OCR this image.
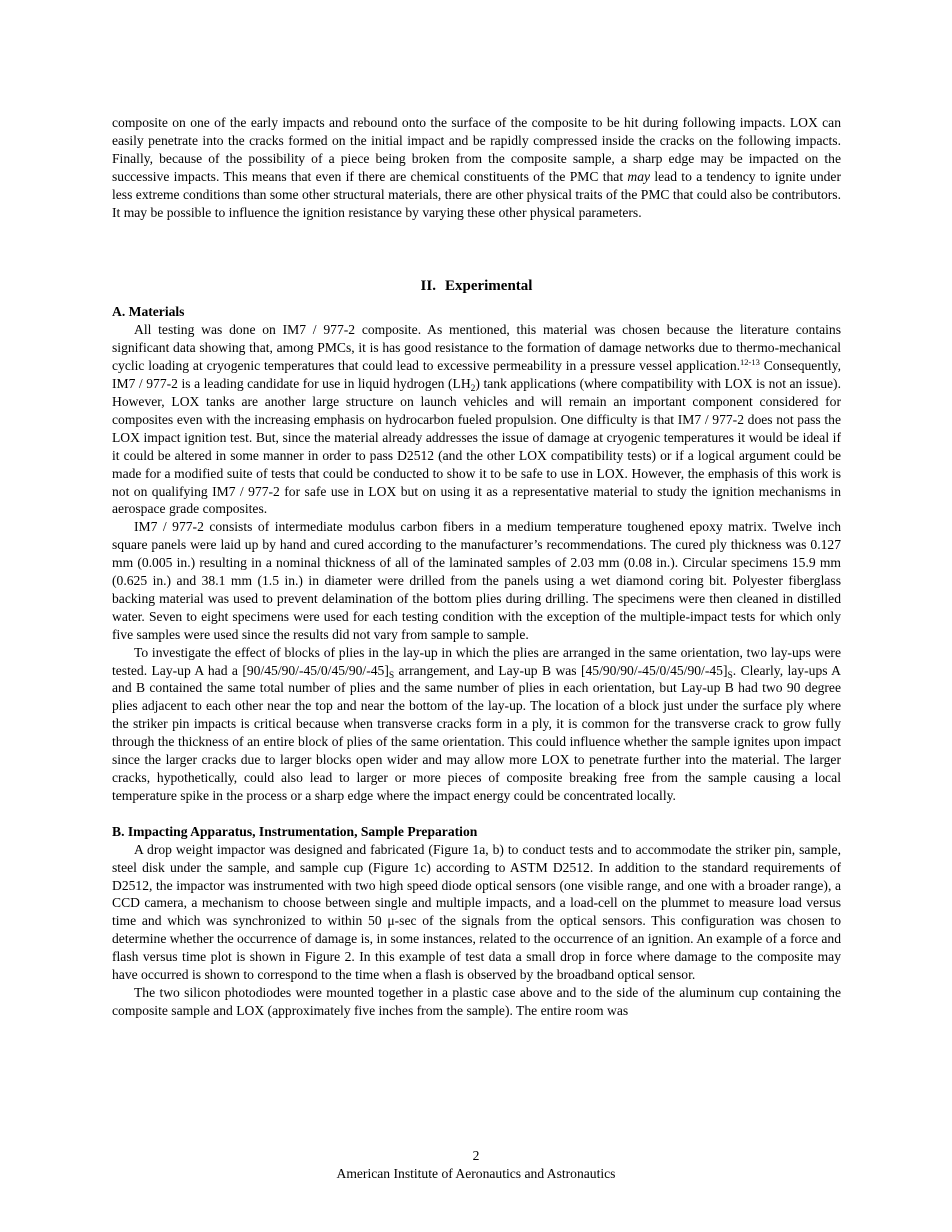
composite on one of the early impacts and rebound onto the surface of the composite to be hit during following impacts. LOX can easily penetrate into the cracks formed on the initial impact and be rapidly compressed inside the cracks on the following impacts. Finally, because of the possibility of a piece being broken from the composite sample, a sharp edge may be impacted on the successive impacts. This means that even if there are chemical constituents of the PMC that may lead to a tendency to ignite under less extreme conditions than some other structural materials, there are other physical traits of the PMC that could also be contributors. It may be possible to influence the ignition resistance by varying these other physical parameters.

II. Experimental
A. Materials

All testing was done on IM7 / 977-2 composite. As mentioned, this material was chosen because the literature contains significant data showing that, among PMCs, it is has good resistance to the formation of damage networks due to thermo-mechanical cyclic loading at cryogenic temperatures that could lead to excessive permeability in a pressure vessel application.$^{12-13}$ Consequently, IM7 / 977-2 is a leading candidate for use in liquid hydrogen $(LH_2)$ tank applications (where compatibility with LOX is not an issue). However, LOX tanks are another large structure on launch vehicles and will remain an important component considered for composites even with the increasing emphasis on hydrocarbon fueled propulsion. One difficulty is that IM7 / 977-2 does not pass the LOX impact ignition test. But, since the material already addresses the issue of damage at cryogenic temperatures it would be ideal if it could be altered in some manner in order to pass D2512 (and the other LOX compatibility tests) or if a logical argument could be made for a modified suite of tests that could be conducted to show it to be safe to use in LOX. However, the emphasis of this work is not on qualifying IM7 / 977-2 for safe use in LOX but on using it as a representative material to study the ignition mechanisms in aerospace grade composites.

IM7 / 977-2 consists of intermediate modulus carbon fibers in a medium temperature toughened epoxy matrix. Twelve inch square panels were laid up by hand and cured according to the manufacturer’s recommendations. The cured ply thickness was 0.127 mm (0.005 in.) resulting in a nominal thickness of all of the laminated samples of 2.03 mm (0.08 in.). Circular specimens 15.9 mm (0.625 in.) and 38.1 mm (1.5 in.) in diameter were drilled from the panels using a wet diamond coring bit. Polyester fiberglass backing material was used to prevent delamination of the bottom plies during drilling. The specimens were then cleaned in distilled water. Seven to eight specimens were used for each testing condition with the exception of the multiple-impact tests for which only five samples were used since the results did not vary from sample to sample.

To investigate the effect of blocks of plies in the lay-up in which the plies are arranged in the same orientation, two lay-ups were tested. Lay-up A had a $[90/45/90/-45/0/45/90/-45]_S$ arrangement, and Lay-up B was $[45/90/90/-45/0/45/90/-45]_S$. Clearly, lay-ups A and B contained the same total number of plies and the same number of plies in each orientation, but Lay-up B had two 90 degree plies adjacent to each other near the top and near the bottom of the lay-up. The location of a block just under the surface ply where the striker pin impacts is critical because when transverse cracks form in a ply, it is common for the transverse crack to grow fully through the thickness of an entire block of plies of the same orientation. This could influence whether the sample ignites upon impact since the larger cracks due to larger blocks open wider and may allow more LOX to penetrate further into the material. The larger cracks, hypothetically, could also lead to larger or more pieces of composite breaking free from the sample causing a local temperature spike in the process or a sharp edge where the impact energy could be concentrated locally.

B. Impacting Apparatus, Instrumentation, Sample Preparation

A drop weight impactor was designed and fabricated (Figure 1a, b) to conduct tests and to accommodate the striker pin, sample, steel disk under the sample, and sample cup (Figure 1c) according to ASTM D2512. In addition to the standard requirements of D2512, the impactor was instrumented with two high speed diode optical sensors (one visible range, and one with a broader range), a CCD camera, a mechanism to choose between single and multiple impacts, and a load-cell on the plummet to measure load versus time and which was synchronized to within 50 μ-sec of the signals from the optical sensors. This configuration was chosen to determine whether the occurrence of damage is, in some instances, related to the occurrence of an ignition. An example of a force and flash versus time plot is shown in Figure 2. In this example of test data a small drop in force where damage to the composite may have occurred is shown to correspond to the time when a flash is observed by the broadband optical sensor.

The two silicon photodiodes were mounted together in a plastic case above and to the side of the aluminum cup containing the composite sample and LOX (approximately five inches from the sample). The entire room was

2
American Institute of Aeronautics and Astronautics
